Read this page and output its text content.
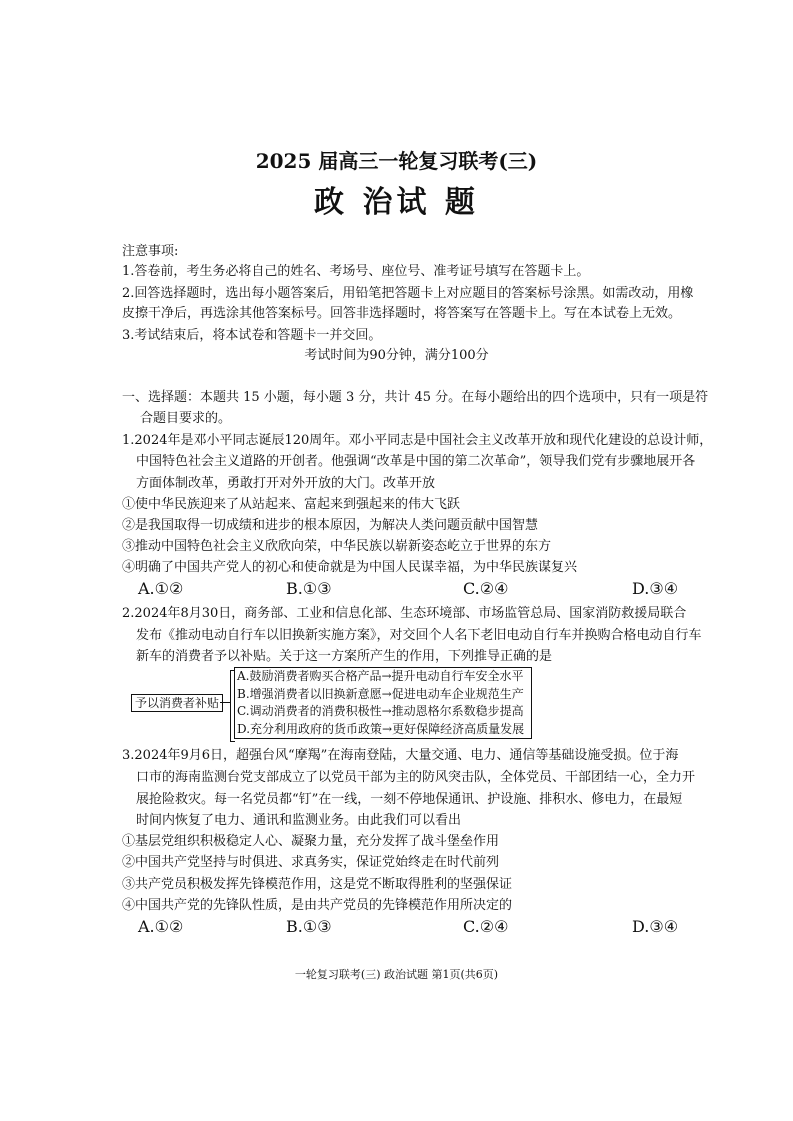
2025 届高三一轮复习联考(三)
政 治试 题
注意事项:
1.答卷前，考生务必将自己的姓名、考场号、座位号、准考证号填写在答题卡上。
2.回答选择题时，选出每小题答案后，用铅笔把答题卡上对应题目的答案标号涂黑。如需改动，用橡
皮擦干净后，再选涂其他答案标号。回答非选择题时，将答案写在答题卡上。写在本试卷上无效。
3.考试结束后，将本试卷和答题卡一并交回。
考试时间为90分钟，满分100分
一、选择题：本题共 15 小题，每小题 3 分，共计 45 分。在每小题给出的四个选项中，只有一项是符
合题目要求的。
1.2024年是邓小平同志诞辰120周年。邓小平同志是中国社会主义改革开放和现代化建设的总设计师，
中国特色社会主义道路的开创者。他强调“改革是中国的第二次革命”，领导我们党有步骤地展开各
方面体制改革，勇敢打开对外开放的大门。改革开放
①使中华民族迎来了从站起来、富起来到强起来的伟大飞跃
②是我国取得一切成绩和进步的根本原因，为解决人类问题贡献中国智慧
③推动中国特色社会主义欣欣向荣，中华民族以崭新姿态屹立于世界的东方
④明确了中国共产党人的初心和使命就是为中国人民谋幸福，为中华民族谋复兴
A.①②	B.①③	C.②④	D.③④
2.2024年8月30日，商务部、工业和信息化部、生态环境部、市场监管总局、国家消防救援局联合
发布《推动电动自行车以旧换新实施方案》，对交回个人名下老旧电动自行车并换购合格电动自行车
新车的消费者予以补贴。关于这一方案所产生的作用，下列推导正确的是
予以消费者补贴
A.鼓励消费者购买合格产品→提升电动自行车安全水平
B.增强消费者以旧换新意愿→促进电动车企业规范生产
C.调动消费者的消费积极性→推动恩格尔系数稳步提高
D.充分利用政府的货币政策→更好保障经济高质量发展
3.2024年9月6日，超强台风“摩羯”在海南登陆，大量交通、电力、通信等基础设施受损。位于海
口市的海南监测台党支部成立了以党员干部为主的防风突击队，全体党员、干部团结一心，全力开
展抢险救灾。每一名党员都“钉”在一线，一刻不停地保通讯、护设施、排积水、修电力，在最短
时间内恢复了电力、通讯和监测业务。由此我们可以看出
①基层党组织积极稳定人心、凝聚力量，充分发挥了战斗堡垒作用
②中国共产党坚持与时俱进、求真务实，保证党始终走在时代前列
③共产党员积极发挥先锋模范作用，这是党不断取得胜利的坚强保证
④中国共产党的先锋队性质，是由共产党员的先锋模范作用所决定的
A.①②	B.①③	C.②④	D.③④
一轮复习联考(三) 政治试题 第1页(共6页)
